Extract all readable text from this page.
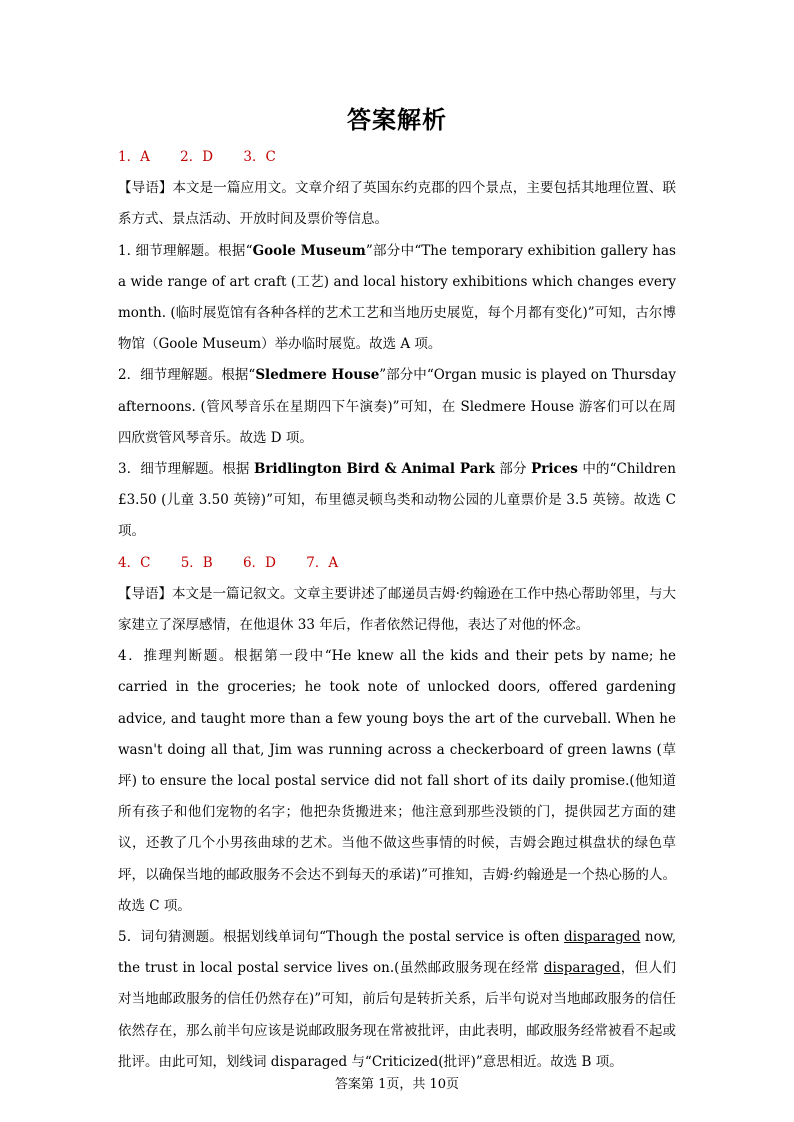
答案解析

1．A 2．D 3．C

【导语】本文是一篇应用文。文章介绍了英国东约克郡的四个景点，主要包括其地理位置、联系方式、景点活动、开放时间及票价等信息。

1. 细节理解题。根据“Goole Museum”部分中“The temporary exhibition gallery has a wide range of art craft (工艺) and local history exhibitions which changes every month. (临时展览馆有各种各样的艺术工艺和当地历史展览，每个月都有变化)”可知，古尔博物馆（Goole Museum）举办临时展览。故选 A 项。

2．细节理解题。根据“Sledmere House”部分中“Organ music is played on Thursday afternoons. (管风琴音乐在星期四下午演奏)”可知，在 Sledmere House 游客们可以在周四欣赏管风琴音乐。故选 D 项。

3．细节理解题。根据 Bridlington Bird & Animal Park 部分 Prices 中的“Children £3.50 (儿童 3.50 英镑)”可知，布里德灵顿鸟类和动物公园的儿童票价是 3.5 英镑。故选 C 项。

4．C 5．B 6．D 7．A

【导语】本文是一篇记叙文。文章主要讲述了邮递员吉姆·约翰逊在工作中热心帮助邻里，与大家建立了深厚感情，在他退休 33 年后，作者依然记得他，表达了对他的怀念。

4．推理判断题。根据第一段中“He knew all the kids and their pets by name; he carried in the groceries; he took note of unlocked doors, offered gardening advice, and taught more than a few young boys the art of the curveball. When he wasn't doing all that, Jim was running across a checkerboard of green lawns (草坪) to ensure the local postal service did not fall short of its daily promise.(他知道所有孩子和他们宠物的名字；他把杂货搬进来；他注意到那些没锁的门，提供园艺方面的建议，还教了几个小男孩曲球的艺术。当他不做这些事情的时候，吉姆会跑过棋盘状的绿色草坪，以确保当地的邮政服务不会达不到每天的承诺)”可推知，吉姆·约翰逊是一个热心肠的人。故选 C 项。

5．词句猜测题。根据划线单词句“Though the postal service is often disparaged now, the trust in local postal service lives on.(虽然邮政服务现在经常 disparaged，但人们对当地邮政服务的信任仍然存在)”可知，前后句是转折关系，后半句说对当地邮政服务的信任依然存在，那么前半句应该是说邮政服务现在常被批评，由此表明，邮政服务经常被看不起或批评。由此可知，划线词 disparaged 与“Criticized(批评)”意思相近。故选 B 项。

答案第 1页，共 10页
